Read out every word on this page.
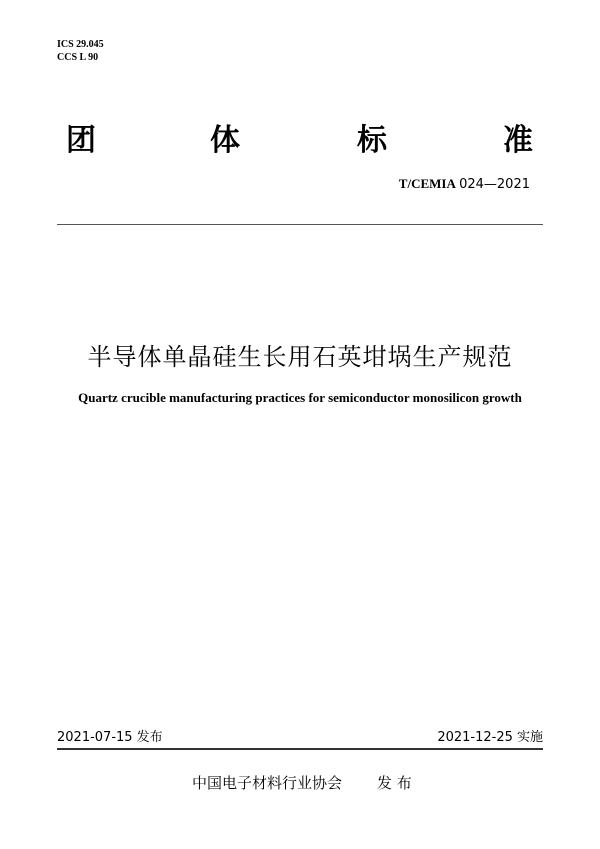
ICS 29.045
CCS L 90
团	体	标	准
T/CEMIA 024—2021
半导体单晶硅生长用石英坩埚生产规范
Quartz crucible manufacturing practices for semiconductor monosilicon growth
2021-07-15 发布	2021-12-25 实施
中国电子材料行业协会 发 布
